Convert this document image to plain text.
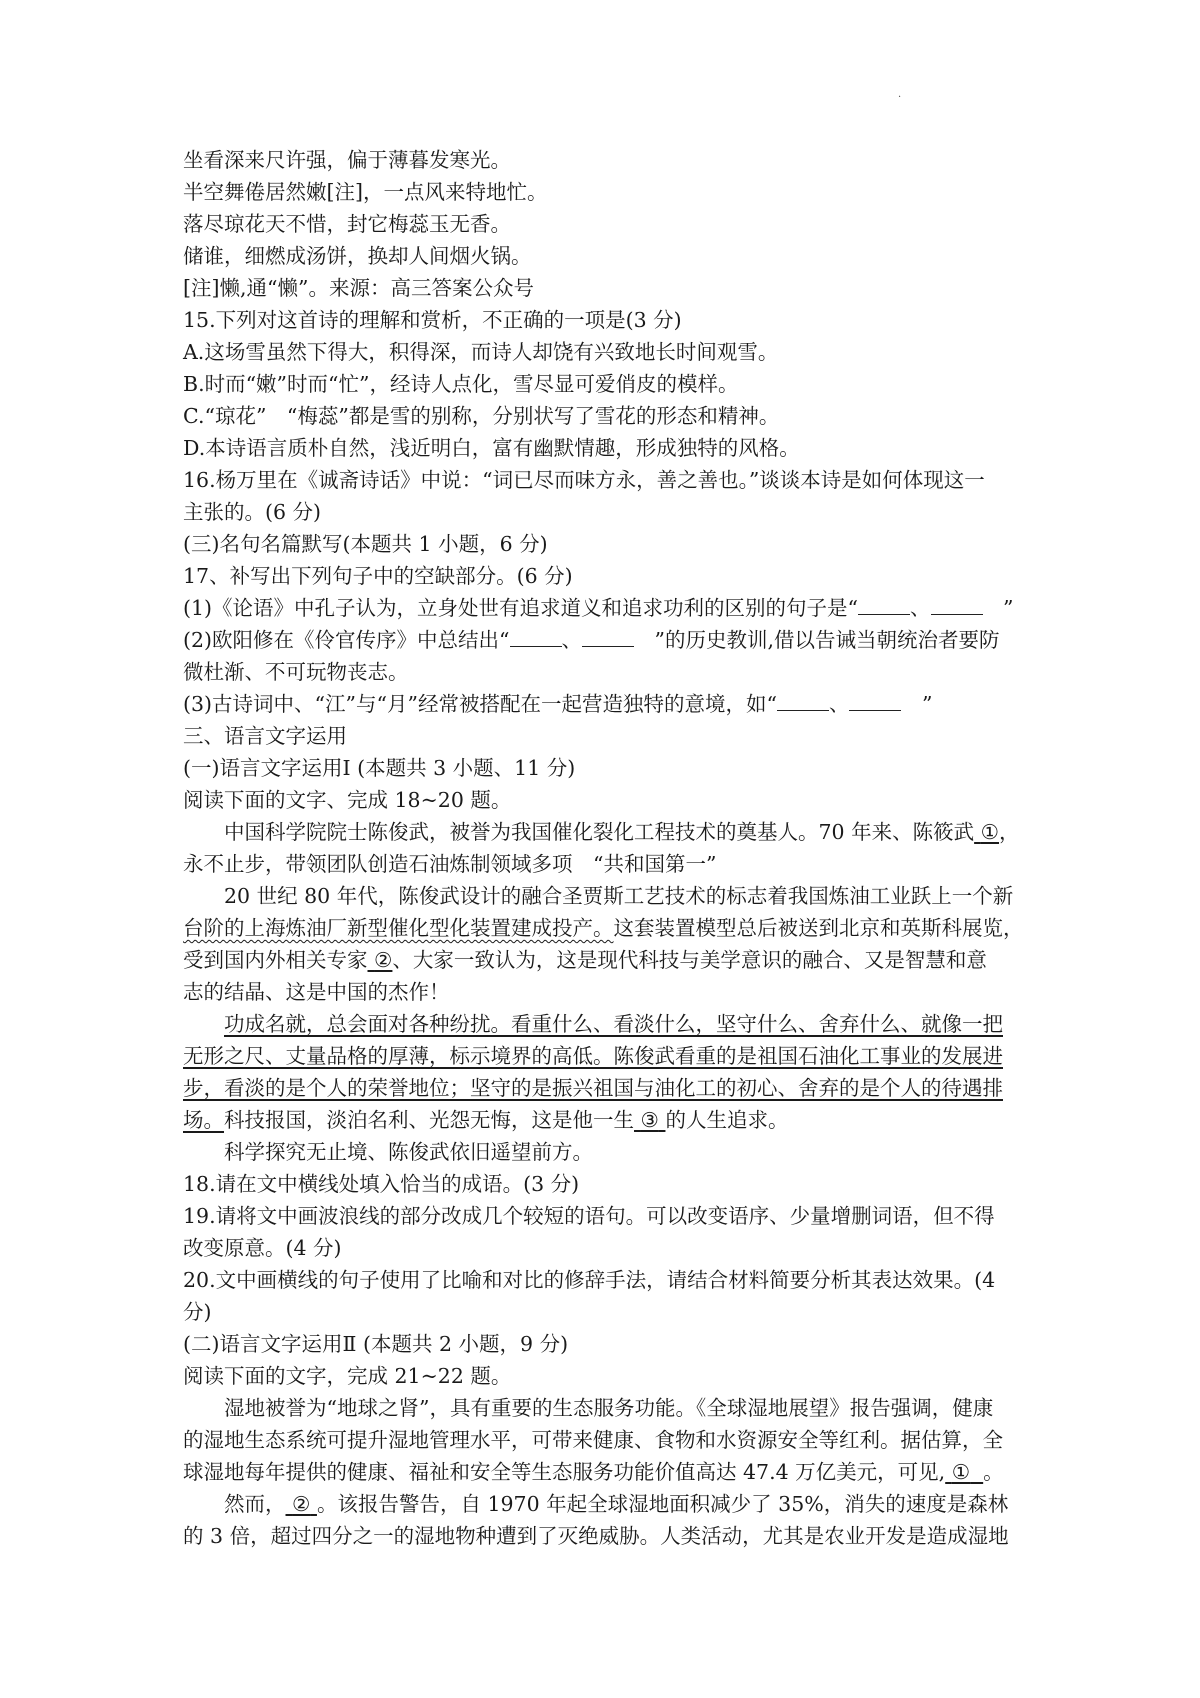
·
坐看深来尺许强，偏于薄暮发寒光。
半空舞倦居然嫩[注]，一点风来特地忙。
落尽琼花天不惜，封它梅蕊玉无香。
储谁，细燃成汤饼，换却人间烟火锅。
[注]懒,通“懒”。来源：高三答案公众号
15.下列对这首诗的理解和赏析，不正确的一项是(3 分)
A.这场雪虽然下得大，积得深，而诗人却饶有兴致地长时间观雪。
B.时而“嫩”时而“忙”，经诗人点化，雪尽显可爱俏皮的模样。
C.“琼花”　“梅蕊”都是雪的别称，分别状写了雪花的形态和精神。
D.本诗语言质朴自然，浅近明白，富有幽默情趣，形成独特的风格。
16.杨万里在《诚斋诗话》中说：“词已尽而味方永，善之善也。”谈谈本诗是如何体现这一
主张的。(6 分)
(三)名句名篇默写(本题共 1 小题，6 分)
17、补写出下列句子中的空缺部分。(6 分)
(1)《论语》中孔子认为，立身处世有追求道义和追求功利的区别的句子是“	、	　”
(2)欧阳修在《伶官传序》中总结出“	、	　”的历史教训,借以告诫当朝统治者要防
微杜渐、不可玩物丧志。
(3)古诗词中、“江”与“月”经常被搭配在一起营造独特的意境，如“	、	　”
三、语言文字运用
(一)语言文字运用Ⅰ (本题共 3 小题、11 分)
阅读下面的文字、完成 18~20 题。
中国科学院院士陈俊武，被誉为我国催化裂化工程技术的奠基人。70 年来、陈筱武 ①，
永不止步，带领团队创造石油炼制领域多项　“共和国第一”
20 世纪 80 年代，陈俊武设计的融合圣贾斯工艺技术的标志着我国炼油工业跃上一个新
台阶的上海炼油厂新型催化型化装置建成投产。这套装置模型总后被送到北京和英斯科展览，
受到国内外相关专家 ②、大家一致认为，这是现代科技与美学意识的融合、又是智慧和意
志的结晶、这是中国的杰作！
功成名就，总会面对各种纷扰。看重什么、看淡什么，坚守什么、舍弃什么、就像一把
无形之尺、丈量品格的厚薄，标示境界的高低。陈俊武看重的是祖国石油化工事业的发展进
步，看淡的是个人的荣誉地位；坚守的是振兴祖国与油化工的初心、舍弃的是个人的待遇排
场。科技报国，淡泊名利、光怨无悔，这是他一生 ③ 的人生追求。
科学探究无止境、陈俊武依旧遥望前方。
18.请在文中横线处填入恰当的成语。(3 分)
19.请将文中画波浪线的部分改成几个较短的语句。可以改变语序、少量增删词语，但不得
改变原意。(4 分)
20.文中画横线的句子使用了比喻和对比的修辞手法，请结合材料简要分析其表达效果。(4
分)
(二)语言文字运用Ⅱ (本题共 2 小题，9 分)
阅读下面的文字，完成 21~22 题。
湿地被誉为“地球之肾”，具有重要的生态服务功能。《全球湿地展望》报告强调，健康
的湿地生态系统可提升湿地管理水平，可带来健康、食物和水资源安全等红利。据估算，全
球湿地每年提供的健康、福祉和安全等生态服务功能价值高达 47.4 万亿美元，可见, ① 。
然而， ② 。该报告警告，自 1970 年起全球湿地面积减少了 35%，消失的速度是森林
的 3 倍，超过四分之一的湿地物种遭到了灭绝威胁。人类活动，尤其是农业开发是造成湿地
